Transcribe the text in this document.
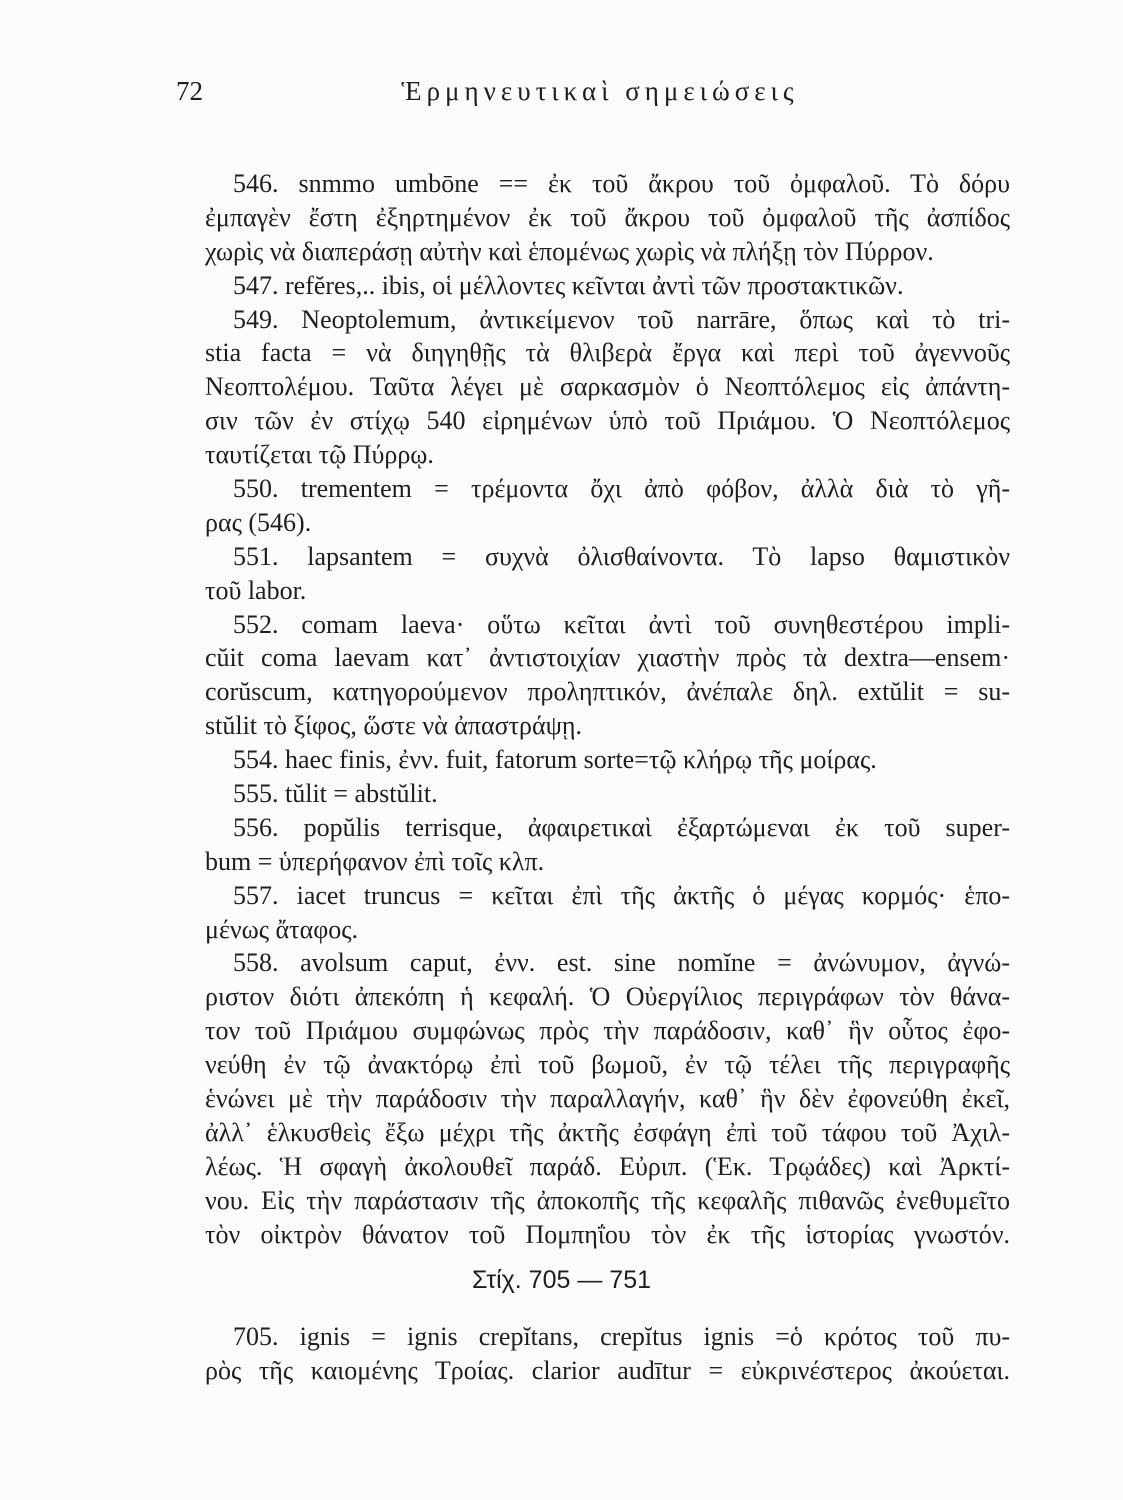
72	Ἑρμηνευτικαὶ σημειώσεις
546. snmmo umbōne == ἐκ τοῦ ἄκρου τοῦ ὀμφαλοῦ. Τὸ δόρυ
ἐμπαγὲν ἔστη ἐξηρτημένον ἐκ τοῦ ἄκρου τοῦ ὀμφαλοῦ τῆς ἀσπίδος
χωρὶς νὰ διαπεράσῃ αὐτὴν καὶ ἑπομένως χωρὶς νὰ πλήξῃ τὸν Πύρρον.
547. refĕres,.. ibis, οἱ μέλλοντες κεῖνται ἀντὶ τῶν προστακτικῶν.
549. Neoptolemum, ἀντικείμενον τοῦ narrāre, ὅπως καὶ τὸ tri-
stia facta = νὰ διηγηθῇς τὰ θλιβερὰ ἔργα καὶ περὶ τοῦ ἀγεννοῦς
Νεοπτολέμου. Ταῦτα λέγει μὲ σαρκασμὸν ὁ Νεοπτόλεμος εἰς ἀπάντη-
σιν τῶν ἐν στίχῳ 540 εἰρημένων ὑπὸ τοῦ Πριάμου. Ὁ Νεοπτόλεμος
ταυτίζεται τῷ Πύρρῳ.
550. trementem = τρέμοντα ὄχι ἀπὸ φόβον, ἀλλὰ διὰ τὸ γῆ-
ρας (546).
551. lapsantem = συχνὰ ὀλισθαίνοντα. Τὸ lapso θαμιστικὸν
τοῦ labor.
552. comam laeva· οὕτω κεῖται ἀντὶ τοῦ συνηθεστέρου impli-
cŭit coma laevam κατ᾽ ἀντιστοιχίαν χιαστὴν πρὸς τὰ dextra—ensem·
corŭscum, κατηγορούμενον προληπτικόν, ἀνέπαλε δηλ. extŭlit = su-
stŭlit τὸ ξίφος, ὥστε νὰ ἀπαστράψῃ.
554. haec finis, ἐνν. fuit, fatorum sorte=τῷ κλήρῳ τῆς μοίρας.
555. tŭlit = abstŭlit.
556. popŭlis terrisque, ἀφαιρετικαὶ ἐξαρτώμεναι ἐκ τοῦ super-
bum = ὑπερήφανον ἐπὶ τοῖς κλπ.
557. iacet truncus = κεῖται ἐπὶ τῆς ἀκτῆς ὁ μέγας κορμός· ἑπο-
μένως ἄταφος.
558. avolsum caput, ἐνν. est. sine nomĭne = ἀνώνυμον, ἀγνώ-
ριστον διότι ἀπεκόπη ἡ κεφαλή. Ὁ Οὐεργίλιος περιγράφων τὸν θάνα-
τον τοῦ Πριάμου συμφώνως πρὸς τὴν παράδοσιν, καθ᾽ ἣν οὗτος ἐφο-
νεύθη ἐν τῷ ἀνακτόρῳ ἐπὶ τοῦ βωμοῦ, ἐν τῷ τέλει τῆς περιγραφῆς
ἑνώνει μὲ τὴν παράδοσιν τὴν παραλλαγήν, καθ᾽ ἣν δὲν ἐφονεύθη ἐκεῖ,
ἀλλ᾽ ἑλκυσθεὶς ἔξω μέχρι τῆς ἀκτῆς ἐσφάγη ἐπὶ τοῦ τάφου τοῦ Ἀχιλ-
λέως. Ἡ σφαγὴ ἀκολουθεῖ παράδ. Εὐριπ. (Ἑκ. Τρῳάδες) καὶ Ἀρκτί-
νου. Εἰς τὴν παράστασιν τῆς ἀποκοπῆς τῆς κεφαλῆς πιθανῶς ἐνεθυμεῖτο
τὸν οἰκτρὸν θάνατον τοῦ Πομπηΐου τὸν ἐκ τῆς ἱστορίας γνωστόν.
Στίχ. 705 — 751
705. ignis = ignis crepĭtans, crepĭtus ignis =ὁ κρότος τοῦ πυ-
ρὸς τῆς καιομένης Τροίας. clarior audītur = εὐκρινέστερος ἀκούεται.
